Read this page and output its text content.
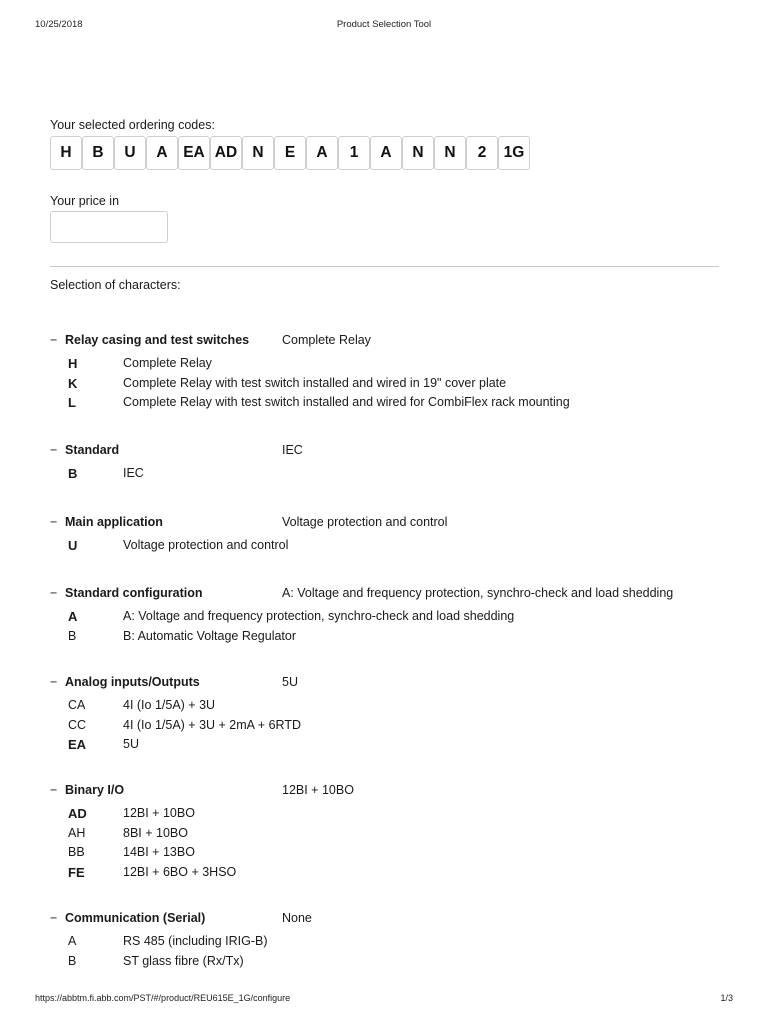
10/25/2018	Product Selection Tool
Your selected ordering codes:
H	B	U	A	EA AD N	E	A	1	A	N	N	2	1G
Your price in
Selection of characters:
− Relay casing and test switches	Complete Relay
H	Complete Relay
K	Complete Relay with test switch installed and wired in 19" cover plate
L	Complete Relay with test switch installed and wired for CombiFlex rack mounting
− Standard	IEC
B	IEC
− Main application	Voltage protection and control
U	Voltage protection and control
− Standard configuration	A: Voltage and frequency protection, synchro-check and load shedding
A	A: Voltage and frequency protection, synchro-check and load shedding
B	B: Automatic Voltage Regulator
− Analog inputs/Outputs	5U
CA	4I (Io 1/5A) + 3U
CC	4I (Io 1/5A) + 3U + 2mA + 6RTD
EA	5U
− Binary I/O	12BI + 10BO
AD	12BI + 10BO
AH	8BI + 10BO
BB	14BI + 13BO
FE	12BI + 6BO + 3HSO
− Communication (Serial)	None
A	RS 485 (including IRIG-B)
B	ST glass fibre (Rx/Tx)
https://abbtm.fi.abb.com/PST/#/product/REU615E_1G/configure	1/3
